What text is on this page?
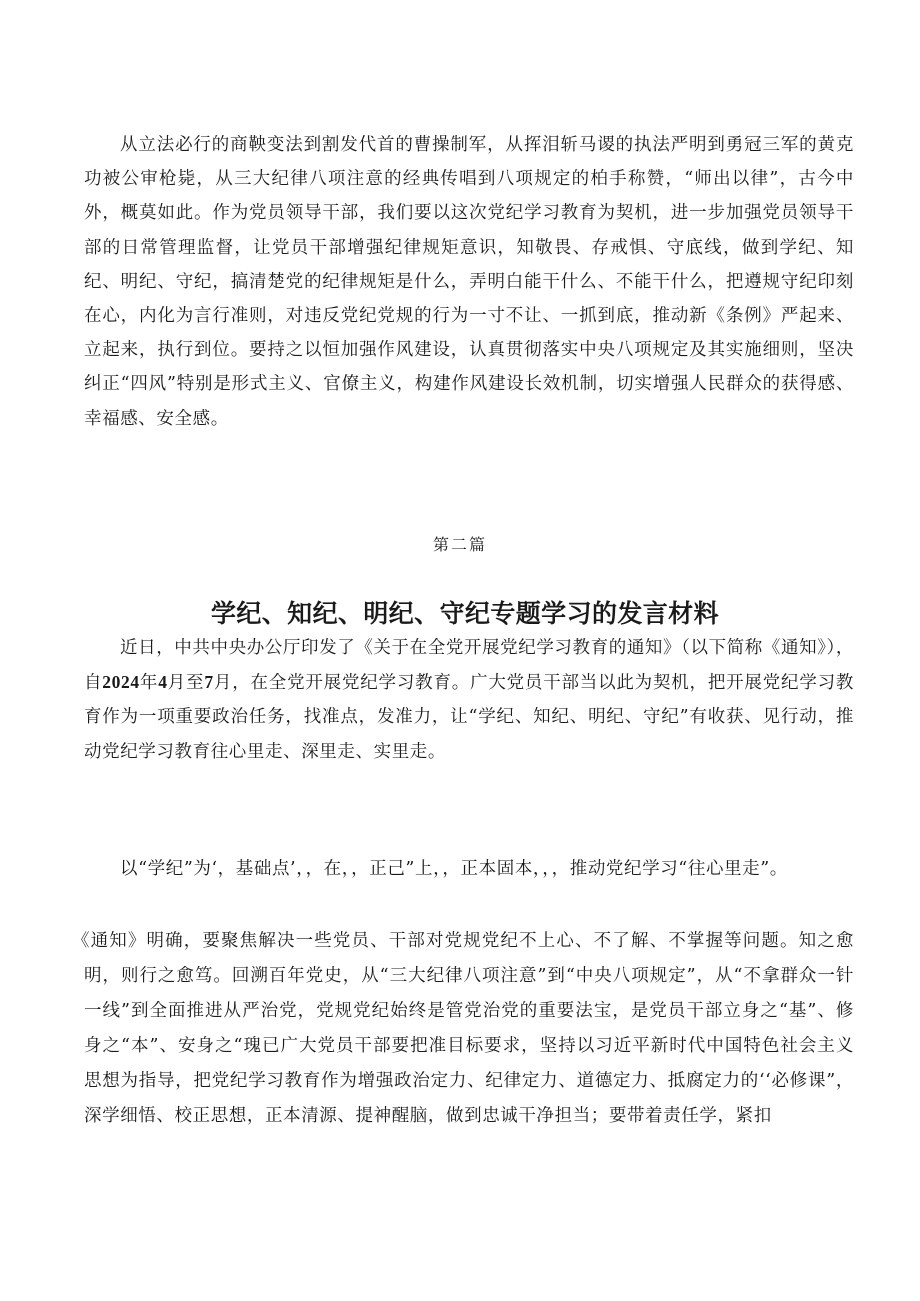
从立法必行的商鞅变法到割发代首的曹操制军，从挥泪斩马谡的执法严明到勇冠三军的黄克功被公审枪毙，从三大纪律八项注意的经典传唱到八项规定的柏手称赞，“师出以律”，古今中外，概莫如此。作为党员领导干部，我们要以这次党纪学习教育为契机，进一步加强党员领导干部的日常管理监督，让党员干部增强纪律规矩意识，知敬畏、存戒惧、守底线，做到学纪、知纪、明纪、守纪，搞清楚党的纪律规矩是什么，弄明白能干什么、不能干什么，把遵规守纪印刻在心，内化为言行准则，对违反党纪党规的行为一寸不让、一抓到底，推动新《条例》严起来、立起来，执行到位。要持之以恒加强作风建设，认真贯彻落实中央八项规定及其实施细则，坚决纠正“四风”特别是形式主义、官僚主义，构建作风建设长效机制，切实增强人民群众的获得感、幸福感、安全感。

第二篇

学纪、知纪、明纪、守纪专题学习的发言材料

近日，中共中央办公厅印发了《关于在全党开展党纪学习教育的通知》（以下简称《通知》），自2024年4月至7月，在全党开展党纪学习教育。广大党员干部当以此为契机，把开展党纪学习教育作为一项重要政治任务，找准点，发准力，让“学纪、知纪、明纪、守纪”有收获、见行动，推动党纪学习教育往心里走、深里走、实里走。

以“学纪”为‘，基础点’，，在，，正己”上，，正本固本，，，推动党纪学习“往心里走”。

《通知》明确，要聚焦解决一些党员、干部对党规党纪不上心、不了解、不掌握等问题。知之愈明，则行之愈笃。回溯百年党史，从“三大纪律八项注意”到“中央八项规定”，从“不拿群众一针一线”到全面推进从严治党，党规党纪始终是管党治党的重要法宝，是党员干部立身之“基”、修身之“本”、安身之“瑰已广大党员干部要把准目标要求，坚持以习近平新时代中国特色社会主义思想为指导，把党纪学习教育作为增强政治定力、纪律定力、道德定力、抵腐定力的‘‘必修课”，深学细悟、校正思想，正本清源、提神醒脑，做到忠诚干净担当；要带着责任学，紧扣
